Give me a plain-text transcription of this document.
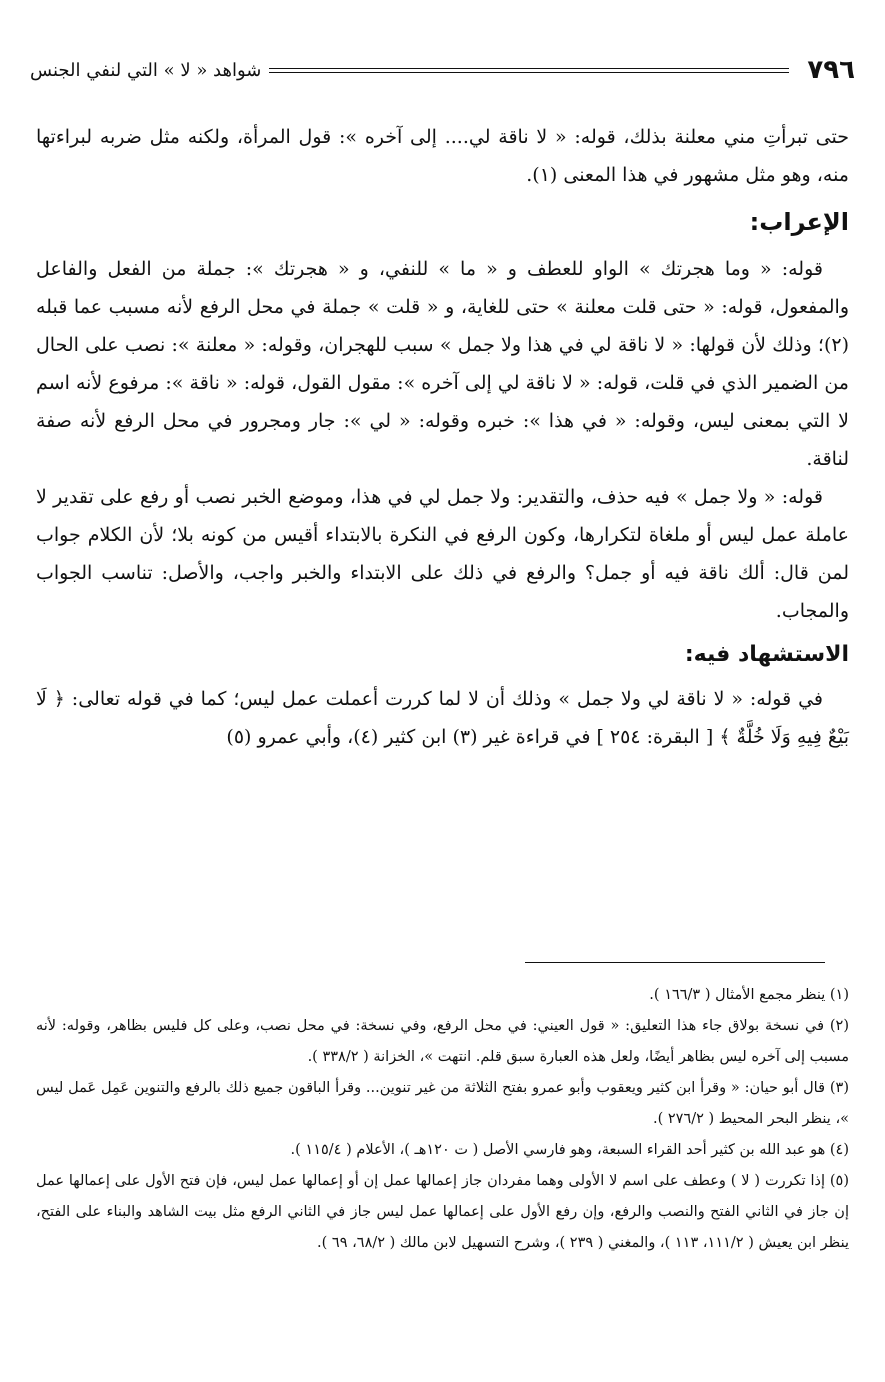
٧٩٦
شواهد « لا » التي لنفي الجنس

حتى تبرأتِ مني معلنة بذلك، قوله: « لا ناقة لي.... إلى آخره »: قول المرأة، ولكنه مثل ضربه لبراءتها منه، وهو مثل مشهور في هذا المعنى (١).

الإعراب:

قوله: « وما هجرتك » الواو للعطف و « ما » للنفي، و « هجرتك »: جملة من الفعل والفاعل والمفعول، قوله: « حتى قلت معلنة » حتى للغاية، و « قلت » جملة في محل الرفع لأنه مسبب عما قبله (٢)؛ وذلك لأن قولها: « لا ناقة لي في هذا ولا جمل » سبب للهجران، وقوله: « معلنة »: نصب على الحال من الضمير الذي في قلت، قوله: « لا ناقة لي إلى آخره »: مقول القول، قوله: « ناقة »: مرفوع لأنه اسم لا التي بمعنى ليس، وقوله: « في هذا »: خبره وقوله: « لي »: جار ومجرور في محل الرفع لأنه صفة لناقة.

قوله: « ولا جمل » فيه حذف، والتقدير: ولا جمل لي في هذا، وموضع الخبر نصب أو رفع على تقدير لا عاملة عمل ليس أو ملغاة لتكرارها، وكون الرفع في النكرة بالابتداء أقيس من كونه بلا؛ لأن الكلام جواب لمن قال: ألك ناقة فيه أو جمل؟ والرفع في ذلك على الابتداء والخبر واجب، والأصل: تناسب الجواب والمجاب.

الاستشهاد فيه:

في قوله: « لا ناقة لي ولا جمل » وذلك أن لا لما كررت أعملت عمل ليس؛ كما في قوله تعالى: ﴿ لَا بَيْعٌ فِيهِ وَلَا خُلَّةٌ ﴾ [ البقرة: ٢٥٤ ] في قراءة غير (٣) ابن كثير (٤)، وأبي عمرو (٥)

(١) ينظر مجمع الأمثال ( ١٦٦/٣ ).

(٢) في نسخة بولاق جاء هذا التعليق: « قول العيني: في محل الرفع، وفي نسخة: في محل نصب، وعلى كل فليس بظاهر، وقوله: لأنه مسبب إلى آخره ليس بظاهر أيضًا، ولعل هذه العبارة سبق قلم. انتهت »، الخزانة ( ٣٣٨/٢ ).

(٣) قال أبو حيان: « وقرأ ابن كثير ويعقوب وأبو عمرو بفتح الثلاثة من غير تنوين... وقرأ الباقون جميع ذلك بالرفع والتنوين عَمِل عَمل ليس »، ينظر البحر المحيط ( ٢٧٦/٢ ).

(٤) هو عبد الله بن كثير أحد القراء السبعة، وهو فارسي الأصل ( ت ١٢٠هـ )، الأعلام ( ١١٥/٤ ).

(٥) إذا تكررت ( لا ) وعطف على اسم لا الأولى وهما مفردان جاز إعمالها عمل إن أو إعمالها عمل ليس، فإن فتح الأول على إعمالها عمل إن جاز في الثاني الفتح والنصب والرفع، وإن رفع الأول على إعمالها عمل ليس جاز في الثاني الرفع مثل بيت الشاهد والبناء على الفتح، ينظر ابن يعيش ( ١١١/٢، ١١٣ )، والمغني ( ٢٣٩ )، وشرح التسهيل لابن مالك ( ٦٨/٢، ٦٩ ).
